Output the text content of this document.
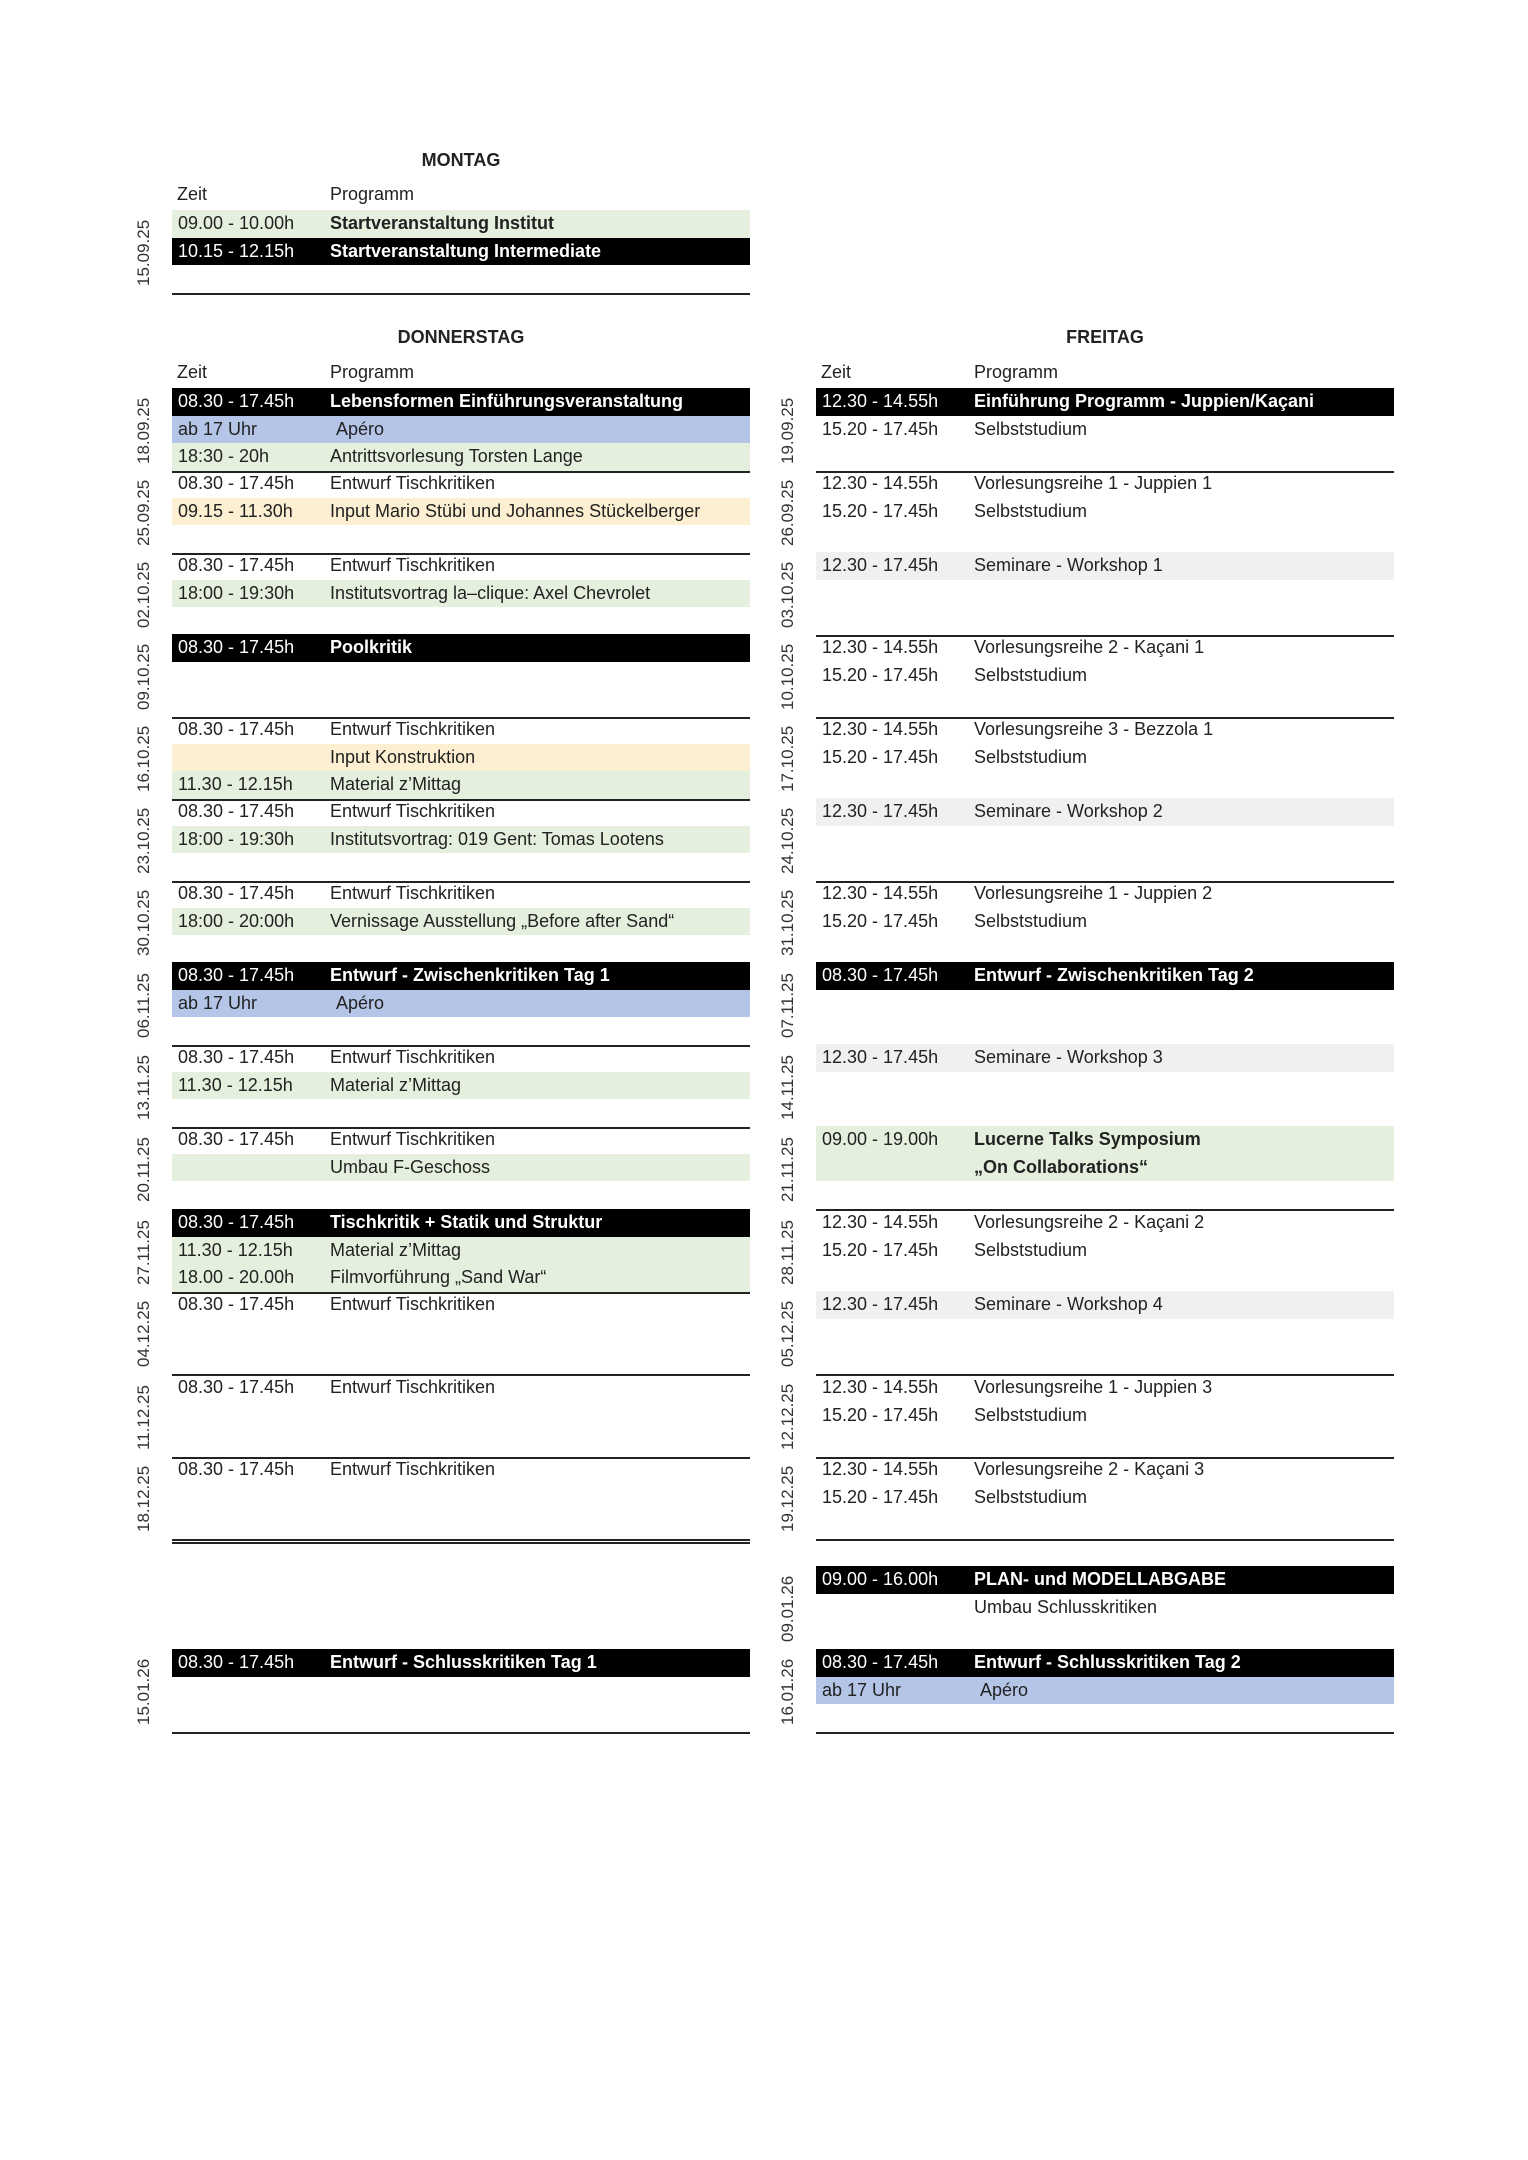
MONTAG
Zeit	Programm
DONNERSTAG
Zeit	Programm
FREITAG
Zeit	Programm
09.00 - 10.00h Startveranstaltung Institut
10.15 - 12.15h Startveranstaltung Intermediate
15.09.25
08.30 - 17.45h Lebensformen Einführungsveranstaltung
ab 17 Uhr	Apéro
18:30 - 20h	Antrittsvorlesung Torsten Lange
18.09.25
08.30 - 17.45h Entwurf Tischkritiken
09.15 - 11.30h Input Mario Stübi und Johannes Stückelberger
25.09.25
08.30 - 17.45h Entwurf Tischkritiken
18:00 - 19:30h Institutsvortrag la–clique: Axel Chevrolet
02.10.25
08.30 - 17.45h Poolkritik
09.10.25
08.30 - 17.45h Entwurf Tischkritiken
Input Konstruktion
11.30 - 12.15h Material z’Mittag
16.10.25
08.30 - 17.45h Entwurf Tischkritiken
18:00 - 19:30h Institutsvortrag: 019 Gent: Tomas Lootens
23.10.25
08.30 - 17.45h Entwurf Tischkritiken
18:00 - 20:00h Vernissage Ausstellung „Before after Sand“
30.10.25
08.30 - 17.45h Entwurf - Zwischenkritiken Tag 1
ab 17 Uhr	Apéro
06.11.25
08.30 - 17.45h Entwurf Tischkritiken
11.30 - 12.15h Material z’Mittag
13.11.25
08.30 - 17.45h Entwurf Tischkritiken
Umbau F-Geschoss
20.11.25
08.30 - 17.45h Tischkritik + Statik und Struktur
11.30 - 12.15h Material z’Mittag
18.00 - 20.00h Filmvorführung „Sand War“
27.11.25
08.30 - 17.45h Entwurf Tischkritiken
04.12.25
08.30 - 17.45h Entwurf Tischkritiken
11.12.25
08.30 - 17.45h Entwurf Tischkritiken
18.12.25
08.30 - 17.45h Entwurf - Schlusskritiken Tag 1
15.01.26
12.30 - 14.55h Einführung Programm - Juppien/Kaçani
15.20 - 17.45h Selbststudium
19.09.25
12.30 - 14.55h Vorlesungsreihe 1 - Juppien 1
15.20 - 17.45h Selbststudium
26.09.25
12.30 - 17.45h Seminare - Workshop 1
03.10.25
12.30 - 14.55h Vorlesungsreihe 2 - Kaçani 1
15.20 - 17.45h Selbststudium
10.10.25
12.30 - 14.55h Vorlesungsreihe 3 - Bezzola 1
15.20 - 17.45h Selbststudium
17.10.25
12.30 - 17.45h Seminare - Workshop 2
24.10.25
12.30 - 14.55h Vorlesungsreihe 1 - Juppien 2
15.20 - 17.45h Selbststudium
31.10.25
08.30 - 17.45h Entwurf - Zwischenkritiken Tag 2
07.11.25
12.30 - 17.45h Seminare - Workshop 3
14.11.25
09.00 - 19.00h Lucerne Talks Symposium
„On Collaborations“
21.11.25
12.30 - 14.55h Vorlesungsreihe 2 - Kaçani 2
15.20 - 17.45h Selbststudium
28.11.25
12.30 - 17.45h Seminare - Workshop 4
05.12.25
12.30 - 14.55h Vorlesungsreihe 1 - Juppien 3
15.20 - 17.45h Selbststudium
12.12.25
12.30 - 14.55h Vorlesungsreihe 2 - Kaçani 3
15.20 - 17.45h Selbststudium
19.12.25
09.00 - 16.00h PLAN- und MODELLABGABE
Umbau Schlusskritiken
09.01.26
08.30 - 17.45h Entwurf - Schlusskritiken Tag 2
ab 17 Uhr	Apéro
16.01.26
